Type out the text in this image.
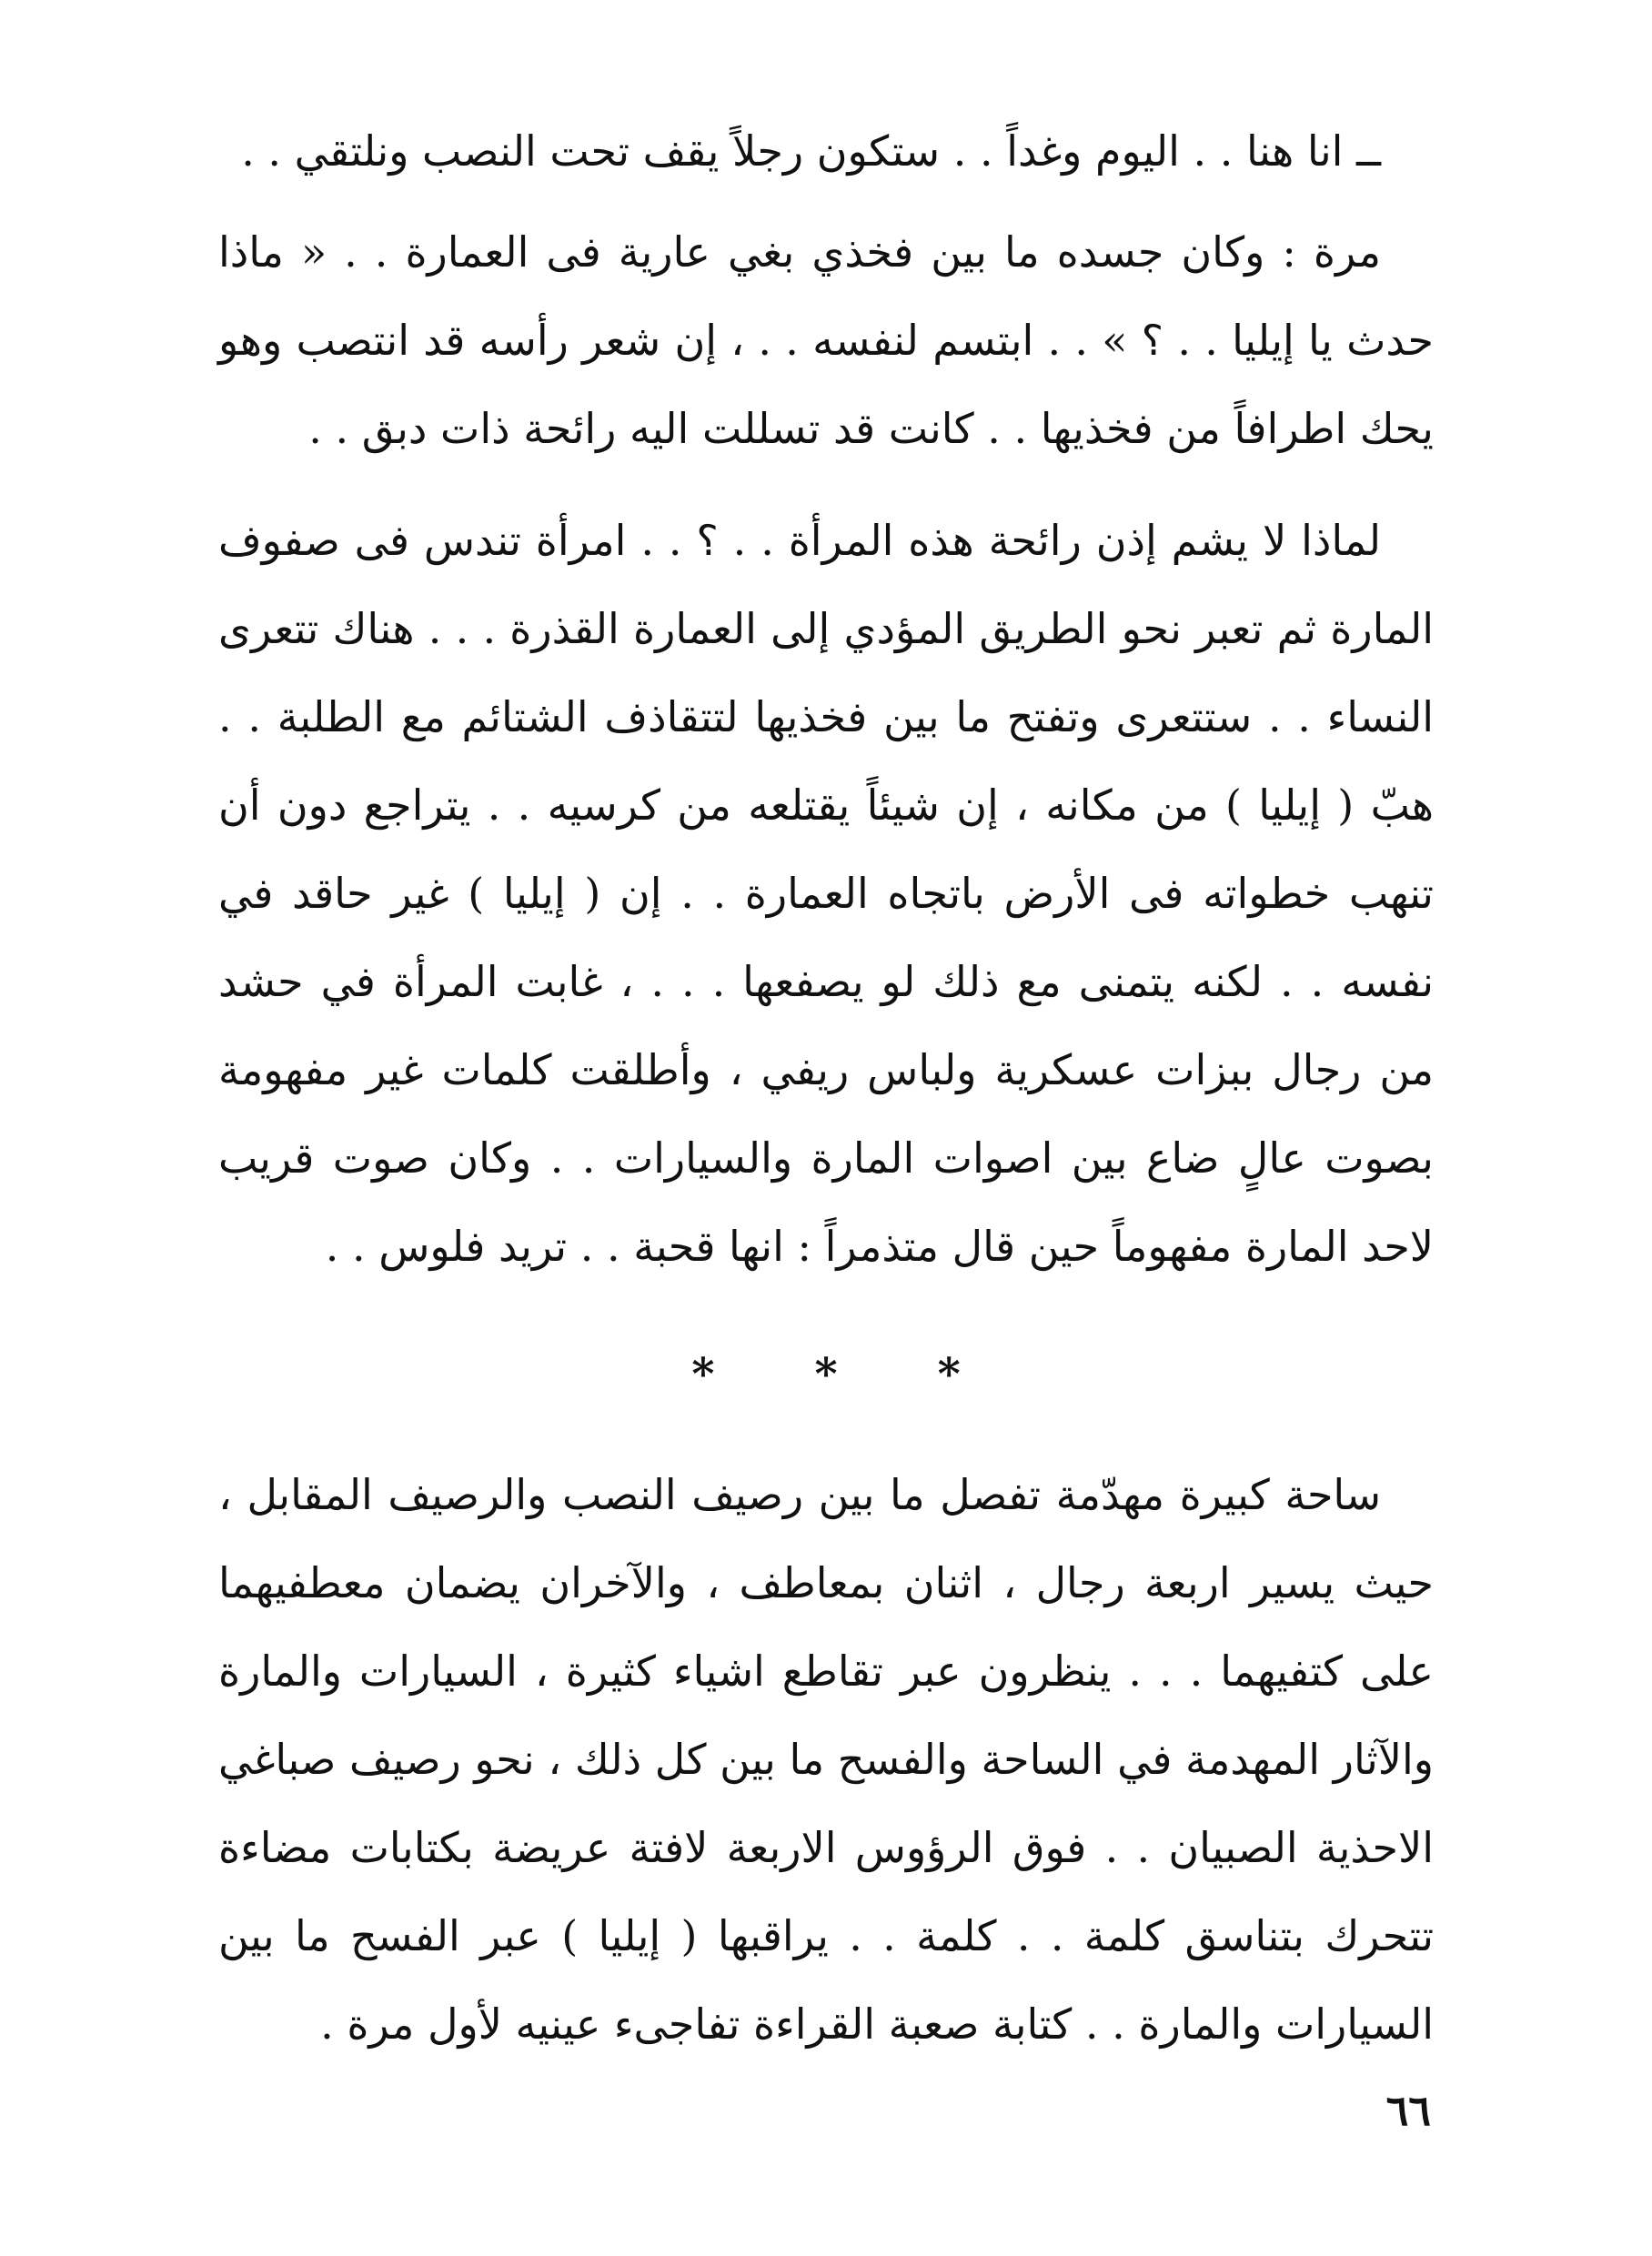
ــ انا هنا . . اليوم وغداً . . ستكون رجلاً يقف تحت النصب ونلتقي . .

مرة : وكان جسده ما بين فخذي بغي عارية فى العمارة . . « ماذا حدث يا إيليا . . ؟ » . . ابتسم لنفسه . . ، إن شعر رأسه قد انتصب وهو يحك اطرافاً من فخذيها . . كانت قد تسللت اليه رائحة ذات دبق . .

لماذا لا يشم إذن رائحة هذه المرأة . . ؟ . . امرأة تندس فى صفوف المارة ثم تعبر نحو الطريق المؤدي إلى العمارة القذرة . . . هناك تتعرى النساء . . ستتعرى وتفتح ما بين فخذيها لتتقاذف الشتائم مع الطلبة . . هبّ ( إيليا ) من مكانه ، إن شيئاً يقتلعه من كرسيه . . يتراجع دون أن تنهب خطواته فى الأرض باتجاه العمارة . . إن ( إيليا ) غير حاقد في نفسه . . لكنه يتمنى مع ذلك لو يصفعها . . . ، غابت المرأة في حشد من رجال ببزات عسكرية ولباس ريفي ، وأطلقت كلمات غير مفهومة بصوت عالٍ ضاع بين اصوات المارة والسيارات . . وكان صوت قريب لاحد المارة مفهوماً حين قال متذمراً : انها قحبة . . تريد فلوس . .

*
*
*

ساحة كبيرة مهدّمة تفصل ما بين رصيف النصب والرصيف المقابل ، حيث يسير اربعة رجال ، اثنان بمعاطف ، والآخران يضمان معطفيهما على كتفيهما . . . ينظرون عبر تقاطع اشياء كثيرة ، السيارات والمارة والآثار المهدمة في الساحة والفسح ما بين كل ذلك ، نحو رصيف صباغي الاحذية الصبيان . . فوق الرؤوس الاربعة لافتة عريضة بكتابات مضاءة تتحرك بتناسق كلمة . . كلمة . . يراقبها ( إيليا ) عبر الفسح ما بين السيارات والمارة . . كتابة صعبة القراءة تفاجىء عينيه لأول مرة .

٦٦
